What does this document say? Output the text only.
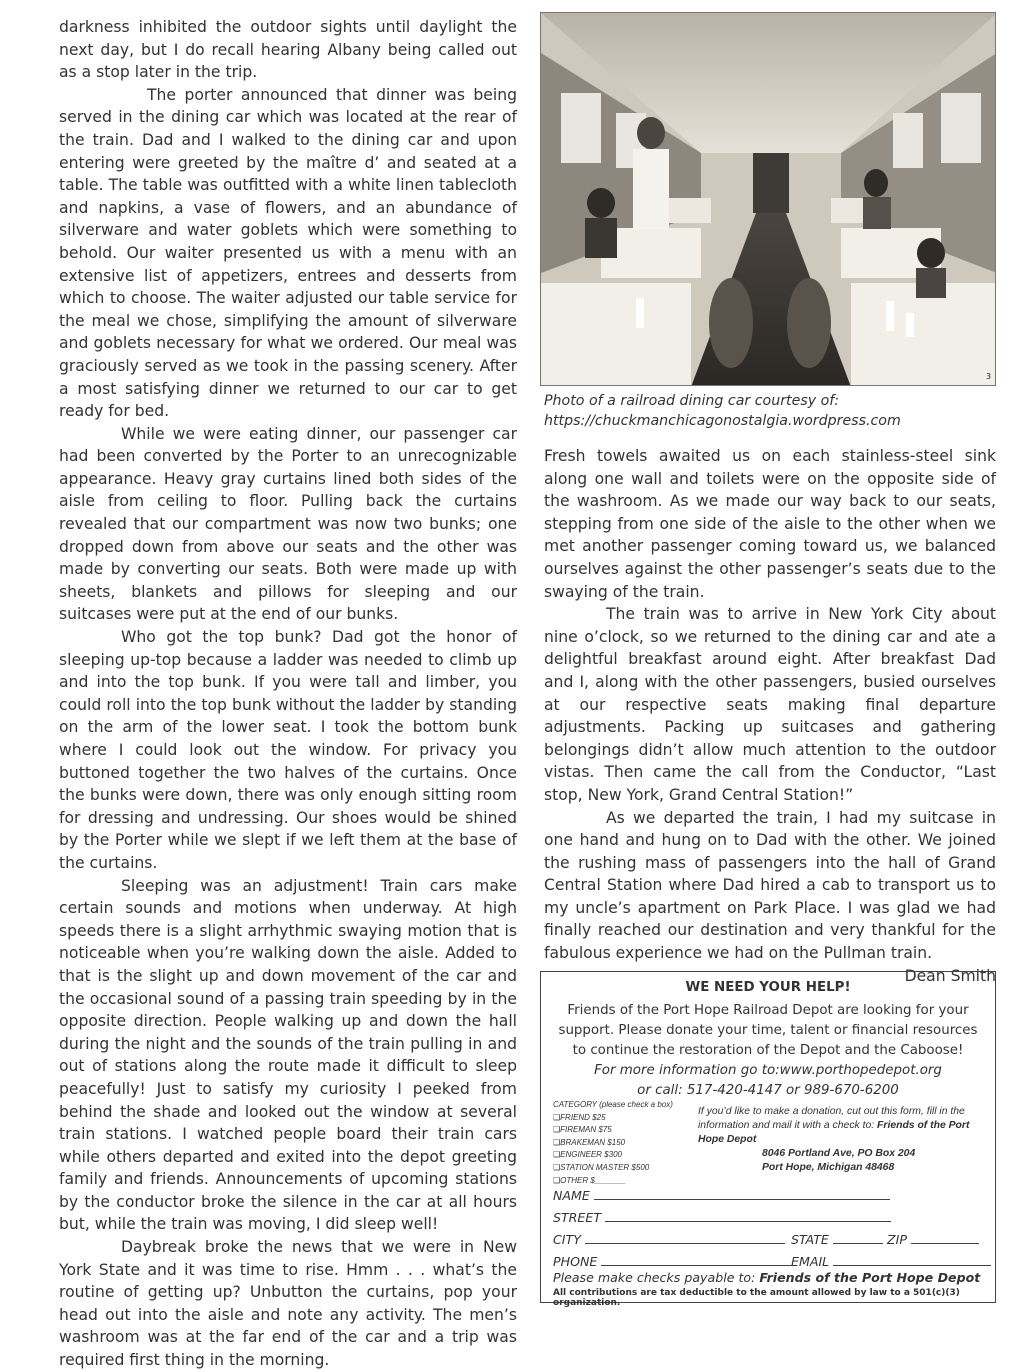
darkness inhibited the outdoor sights until daylight the next day, but I do recall hearing Albany being called out as a stop later in the trip.

The porter announced that dinner was being served in the dining car which was located at the rear of the train. Dad and I walked to the dining car and upon entering were greeted by the maître d’ and seated at a table. The table was outfitted with a white linen tablecloth and napkins, a vase of flowers, and an abundance of silverware and water goblets which were something to behold. Our waiter presented us with a menu with an extensive list of appetizers, entrees and desserts from which to choose. The waiter adjusted our table service for the meal we chose, simplifying the amount of silverware and goblets necessary for what we ordered. Our meal was graciously served as we took in the passing scenery. After a most satisfying dinner we returned to our car to get ready for bed.

While we were eating dinner, our passenger car had been converted by the Porter to an unrecognizable appearance. Heavy gray curtains lined both sides of the aisle from ceiling to floor. Pulling back the curtains revealed that our compartment was now two bunks; one dropped down from above our seats and the other was made by converting our seats. Both were made up with sheets, blankets and pillows for sleeping and our suitcases were put at the end of our bunks.

Who got the top bunk? Dad got the honor of sleeping up-top because a ladder was needed to climb up and into the top bunk. If you were tall and limber, you could roll into the top bunk without the ladder by standing on the arm of the lower seat. I took the bottom bunk where I could look out the window. For privacy you buttoned together the two halves of the curtains. Once the bunks were down, there was only enough sitting room for dressing and undressing. Our shoes would be shined by the Porter while we slept if we left them at the base of the curtains.

Sleeping was an adjustment! Train cars make certain sounds and motions when underway. At high speeds there is a slight arrhythmic swaying motion that is noticeable when you’re walking down the aisle. Added to that is the slight up and down movement of the car and the occasional sound of a passing train speeding by in the opposite direction. People walking up and down the hall during the night and the sounds of the train pulling in and out of stations along the route made it difficult to sleep peacefully! Just to satisfy my curiosity I peeked from behind the shade and looked out the window at several train stations. I watched people board their train cars while others departed and exited into the depot greeting family and friends. Announcements of upcoming stations by the conductor broke the silence in the car at all hours but, while the train was moving, I did sleep well!

Daybreak broke the news that we were in New York State and it was time to rise. Hmm . . . what’s the routine of getting up? Unbutton the curtains, pop your head out into the aisle and note any activity. The men’s washroom was at the far end of the car and a trip was required first thing in the morning.

3
Photo of a railroad dining car courtesy of: https://chuckmanchicagonostalgia.wordpress.com

Fresh towels awaited us on each stainless-steel sink along one wall and toilets were on the opposite side of the washroom. As we made our way back to our seats, stepping from one side of the aisle to the other when we met another passenger coming toward us, we balanced ourselves against the other passenger’s seats due to the swaying of the train.

The train was to arrive in New York City about nine o’clock, so we returned to the dining car and ate a delightful breakfast around eight. After breakfast Dad and I, along with the other passengers, busied ourselves at our respective seats making final departure adjustments. Packing up suitcases and gathering belongings didn’t allow much attention to the outdoor vistas. Then came the call from the Conductor, “Last stop, New York, Grand Central Station!”

As we departed the train, I had my suitcase in one hand and hung on to Dad with the other. We joined the rushing mass of passengers into the hall of Grand Central Station where Dad hired a cab to transport us to my uncle’s apartment on Park Place. I was glad we had finally reached our destination and very thankful for the fabulous experience we had on the Pullman train.

Dean Smith

WE NEED YOUR HELP!
Friends of the Port Hope Railroad Depot are looking for your support. Please donate your time, talent or financial resources to continue the restoration of the Depot and the Caboose!
For more information go to:www.porthopedepot.org
or call: 517-420-4147 or 989-670-6200
CATEGORY (please check a box)
❑ FRIEND $25
❑ FIREMAN $75
❑ BRAKEMAN $150
❑ ENGINEER $300
❑ STATION MASTER $500
❑ OTHER $_______
If you’d like to make a donation, cut out this form, fill in the information and mail it with a check to: Friends of the Port Hope Depot
8046 Portland Ave, PO Box 204
Port Hope, Michigan 48468
NAME
STREET
CITY	STATE	ZIP
PHONE	EMAIL
Please make checks payable to: Friends of the Port Hope Depot
All contributions are tax deductible to the amount allowed by law to a 501(c)(3) organization.
